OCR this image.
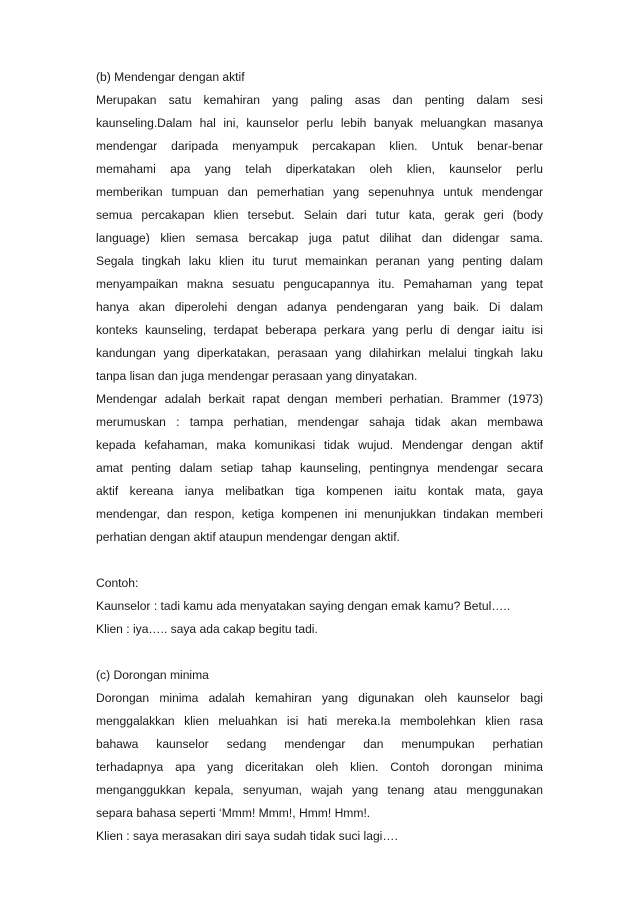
(b) Mendengar dengan aktif
Merupakan satu kemahiran yang paling asas dan penting dalam sesi
kaunseling.Dalam hal ini, kaunselor perlu lebih banyak meluangkan masanya
mendengar daripada menyampuk percakapan klien. Untuk benar-benar
memahami apa yang telah diperkatakan oleh klien, kaunselor perlu
memberikan tumpuan dan pemerhatian yang sepenuhnya untuk mendengar
semua percakapan klien tersebut. Selain dari tutur kata, gerak geri (body
language) klien semasa bercakap juga patut dilihat dan didengar sama.
Segala tingkah laku klien itu turut memainkan peranan yang penting dalam
menyampaikan makna sesuatu pengucapannya itu. Pemahaman yang tepat
hanya akan diperolehi dengan adanya pendengaran yang baik. Di dalam
konteks kaunseling, terdapat beberapa perkara yang perlu di dengar iaitu isi
kandungan yang diperkatakan, perasaan yang dilahirkan melalui tingkah laku
tanpa lisan dan juga mendengar perasaan yang dinyatakan.
Mendengar adalah berkait rapat dengan memberi perhatian. Brammer (1973)
merumuskan : tampa perhatian, mendengar sahaja tidak akan membawa
kepada kefahaman, maka komunikasi tidak wujud. Mendengar dengan aktif
amat penting dalam setiap tahap kaunseling, pentingnya mendengar secara
aktif kereana ianya melibatkan tiga kompenen iaitu kontak mata, gaya
mendengar, dan respon, ketiga kompenen ini menunjukkan tindakan memberi
perhatian dengan aktif ataupun mendengar dengan aktif.
Contoh:
Kaunselor : tadi kamu ada menyatakan saying dengan emak kamu? Betul…..
Klien : iya….. saya ada cakap begitu tadi.
(c) Dorongan minima
Dorongan minima adalah kemahiran yang digunakan oleh kaunselor bagi
menggalakkan klien meluahkan isi hati mereka.Ia membolehkan klien rasa
bahawa kaunselor sedang mendengar dan menumpukan perhatian
terhadapnya apa yang diceritakan oleh klien. Contoh dorongan minima
menganggukkan kepala, senyuman, wajah yang tenang atau menggunakan
separa bahasa seperti ‘Mmm! Mmm!, Hmm! Hmm!.
Klien : saya merasakan diri saya sudah tidak suci lagi….
